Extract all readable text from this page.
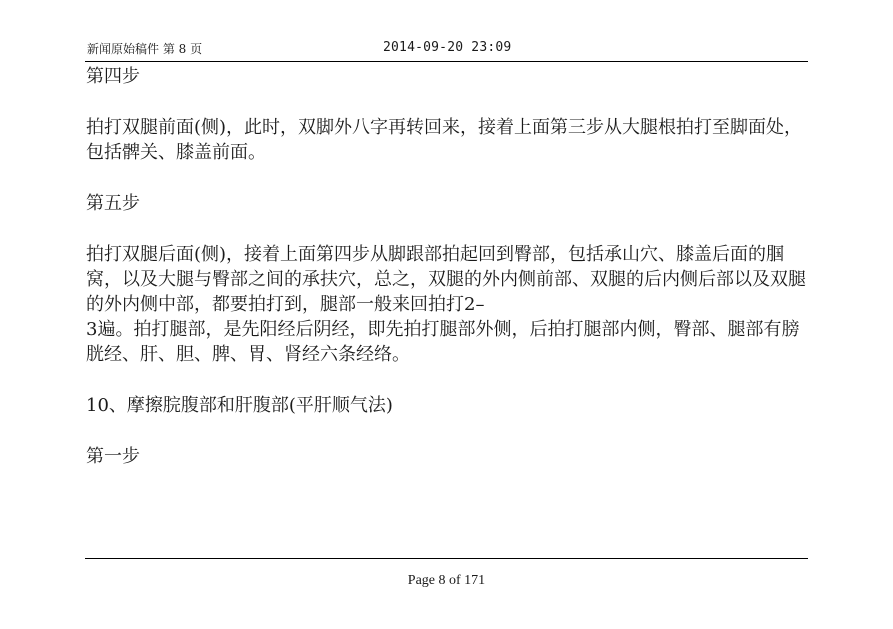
新闻原始稿件 第 8 页	2014-09-20 23:09

第四步

拍打双腿前面(侧)，此时，双脚外八字再转回来，接着上面第三步从大腿根拍打至脚面处，包括髀关、膝盖前面。

第五步

拍打双腿后面(侧)，接着上面第四步从脚跟部拍起回到臀部，包括承山穴、膝盖后面的腘窝，以及大腿与臀部之间的承扶穴，总之，双腿的外内侧前部、双腿的后内侧后部以及双腿的外内侧中部，都要拍打到，腿部一般来回拍打2–

3遍。拍打腿部，是先阳经后阴经，即先拍打腿部外侧，后拍打腿部内侧，臀部、腿部有膀胱经、肝、胆、脾、胃、肾经六条经络。

10、摩擦脘腹部和肝腹部(平肝顺气法)

第一步

Page 8 of 171
